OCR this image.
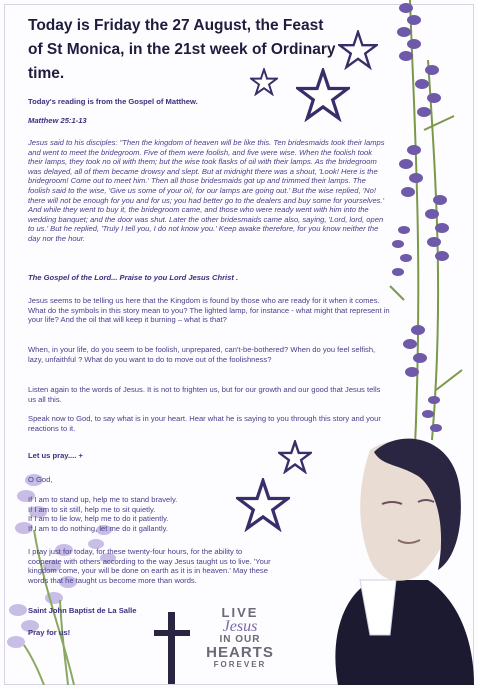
Today is Friday the 27 August, the Feast of St Monica, in the 21st week of Ordinary time.
LIVE
Jesus
IN OUR
HEARTS
FOREVER

Today's reading is from the Gospel of Matthew.

Matthew 25:1-13

Jesus said to his disciples: "Then the kingdom of heaven will be like this. Ten bridesmaids took their lamps and went to meet the bridegroom. Five of them were foolish, and five were wise. When the foolish took their lamps, they took no oil with them; but the wise took flasks of oil with their lamps. As the bridegroom was delayed, all of them became drowsy and slept. But at midnight there was a shout, 'Look! Here is the bridegroom! Come out to meet him.' Then all those bridesmaids got up and trimmed their lamps. The foolish said to the wise, 'Give us some of your oil, for our lamps are going out.' But the wise replied, 'No! there will not be enough for you and for us; you had better go to the dealers and buy some for yourselves.' And while they went to buy it, the bridegroom came, and those who were ready went with him into the wedding banquet; and the door was shut. Later the other bridesmaids came also, saying, 'Lord, lord, open to us.' But he replied, 'Truly I tell you, I do not know you.' Keep awake therefore, for you know neither the day nor the hour.

The Gospel of the Lord... Praise to you Lord Jesus Christ .

Jesus seems to be telling us here that the Kingdom is found by those who are ready for it when it comes. What do the symbols in this story mean to you? The lighted lamp, for instance - what might that represent in your life? And the oil that will keep it burning – what is that?

When, in your life, do you seem to be foolish, unprepared, can't-be-bothered? When do you feel selfish, lazy, unfaithful ? What do you want to do to move out of the foolishness?

Listen again to the words of Jesus. It is not to frighten us, but for our growth and our good that Jesus tells us all this.

Speak now to God, to say what is in your heart. Hear what he is saying to you through this story and your reactions to it.

Let us pray.... +

O God,

If I am to stand up, help me to stand bravely.

If I am to sit still, help me to sit quietly.

If I am to lie low, help me to do it patiently.

If I am to do nothing, let me do it gallantly.

I pray just for today, for these twenty-four hours, for the ability to cooperate with others according to the way Jesus taught us to live. 'Your kingdom come, your will be done on earth as it is in heaven.' May these words that he taught us become more than words.

Saint John Baptist de La Salle

Pray for us!
